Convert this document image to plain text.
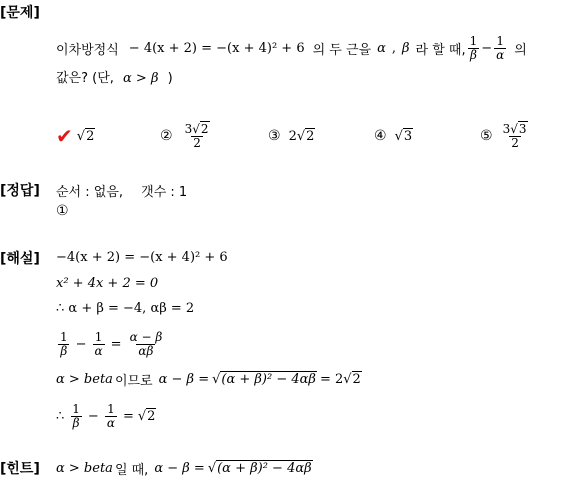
[문제]
[정답]
[해설]
[힌트]
이차방정식 − 4(x + 2) = −(x + 4)² + 6 의 두 근을 α , β 라 할 때, $\frac{1}{\beta} - \frac{1}{\alpha}$ 의
값은? (단, α > β )
✔ √2	② $\frac{3√2}{2}$	③ 2√2	④ √3	⑤ $\frac{3√3}{2}$
순서 : 없음, 갯수 : 1
①
−4(x + 2) = −(x + 4)² + 6
x² + 4x + 2 = 0
∴ α + β = −4, αβ = 2
$\frac{1}{\beta} - \frac{1}{\alpha} = \frac{\alpha - \beta}{\alpha\beta}$
α > beta 이므로 α − β = √(α + β)² − 4αβ = 2 √2
∴ $\frac{1}{\beta} - \frac{1}{\alpha} = √2$
α > beta 일 때, α − β = √(α + β)² − 4αβ
